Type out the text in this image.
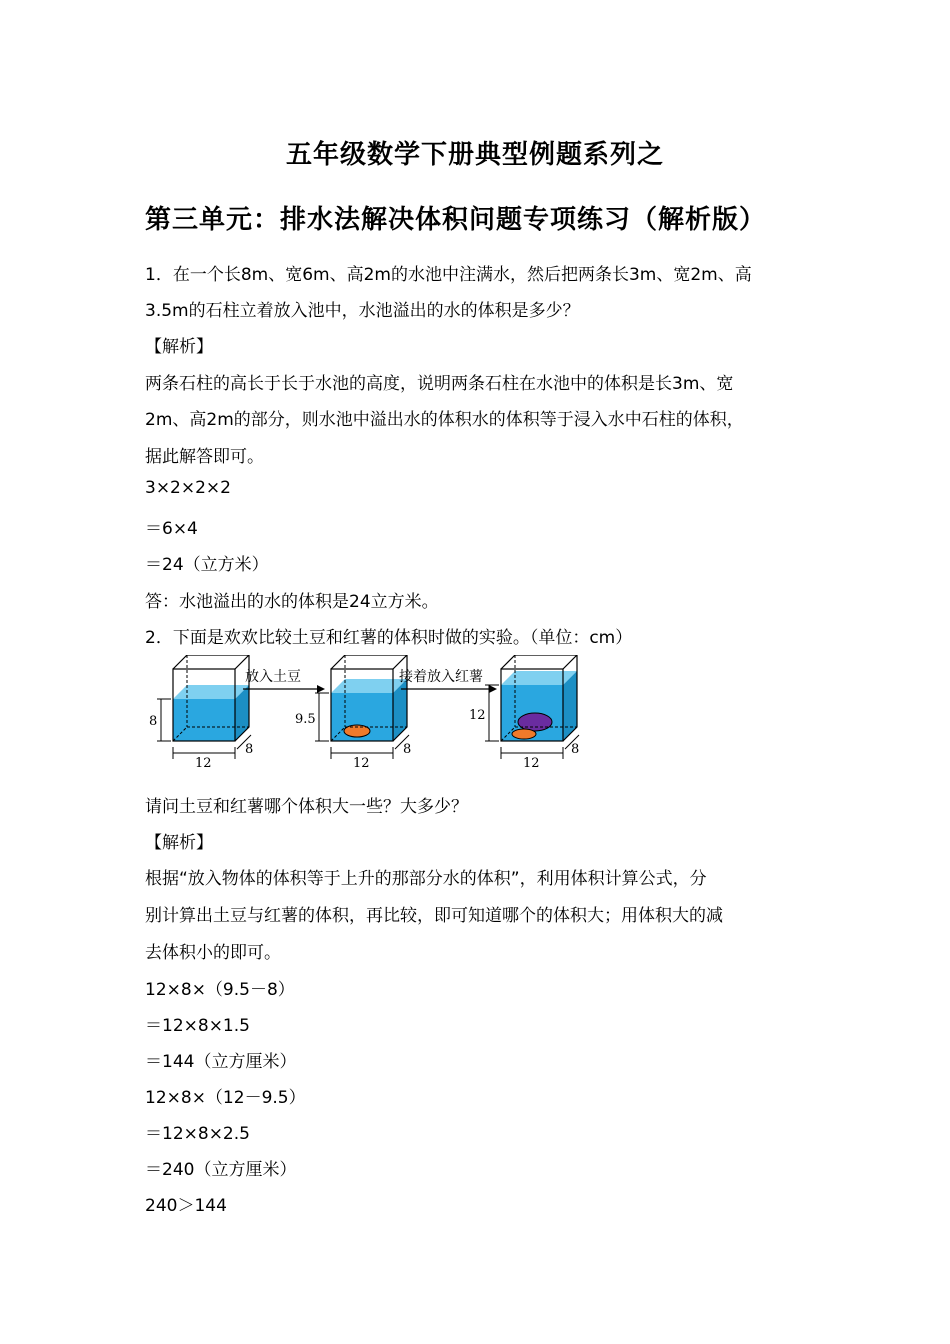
五年级数学下册典型例题系列之
第三单元：排水法解决体积问题专项练习（解析版）
1．在一个长8m、宽6m、高2m的水池中注满水，然后把两条长3m、宽2m、高
3.5m的石柱立着放入池中，水池溢出的水的体积是多少？
【解析】
两条石柱的高长于长于水池的高度，说明两条石柱在水池中的体积是长3m、宽
2m、高2m的部分，则水池中溢出水的体积水的体积等于浸入水中石柱的体积，
据此解答即可。
3×2×2×2
＝6×4
＝24（立方米）
答：水池溢出的水的体积是24立方米。
2．下面是欢欢比较土豆和红薯的体积时做的实验。（单位：cm）
8
12
8
放入土豆
9.5
12
8
接着放入红薯
12
12
8
请问土豆和红薯哪个体积大一些？大多少？
【解析】
根据“放入物体的体积等于上升的那部分水的体积”，利用体积计算公式，分
别计算出土豆与红薯的体积，再比较，即可知道哪个的体积大；用体积大的减
去体积小的即可。
12×8×（9.5－8）
＝12×8×1.5
＝144（立方厘米）
12×8×（12－9.5）
＝12×8×2.5
＝240（立方厘米）
240＞144
